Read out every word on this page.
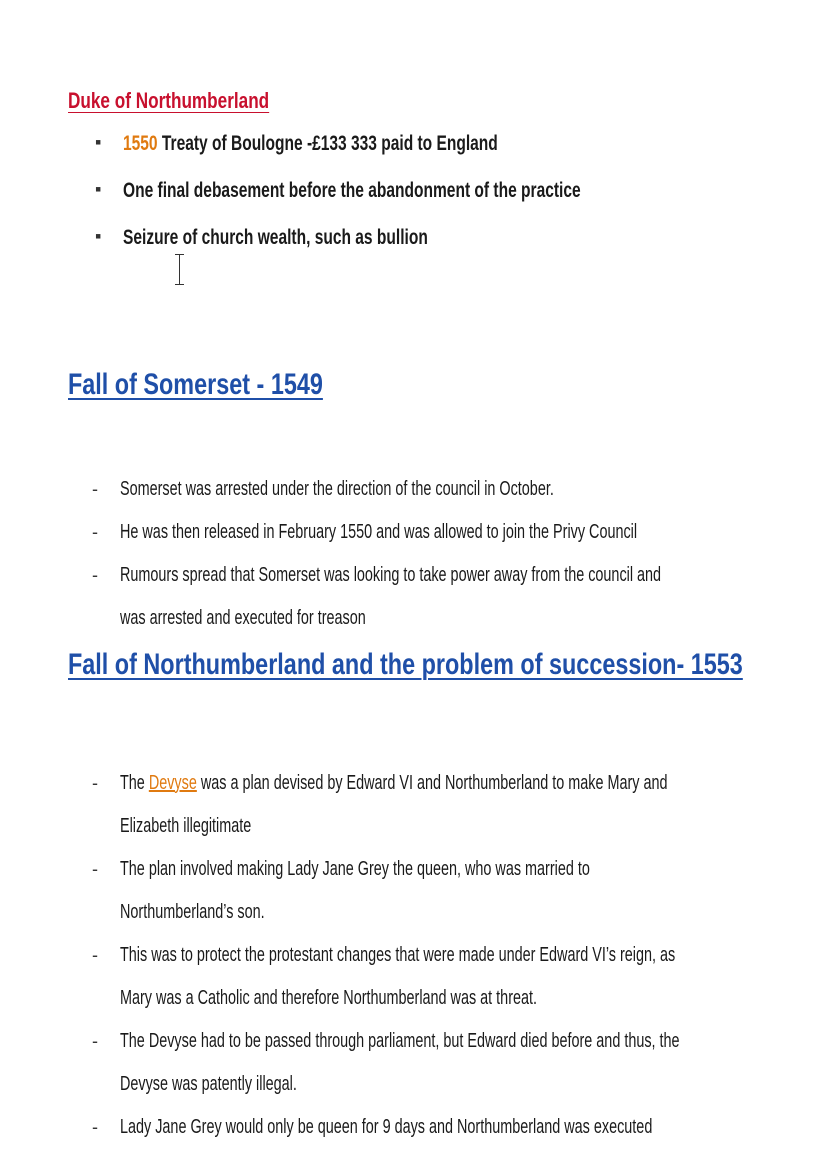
Duke of Northumberland
▪ 1550 Treaty of Boulogne -£133 333 paid to England
▪ One final debasement before the abandonment of the practice
▪ Seizure of church wealth, such as bullion
Fall of Somerset - 1549
- Somerset was arrested under the direction of the council in October.
- He was then released in February 1550 and was allowed to join the Privy Council
- Rumours spread that Somerset was looking to take power away from the council and
was arrested and executed for treason
Fall of Northumberland and the problem of succession- 1553
- The Devyse was a plan devised by Edward VI and Northumberland to make Mary and
Elizabeth illegitimate
- The plan involved making Lady Jane Grey the queen, who was married to
Northumberland’s son.
- This was to protect the protestant changes that were made under Edward VI’s reign, as
Mary was a Catholic and therefore Northumberland was at threat.
- The Devyse had to be passed through parliament, but Edward died before and thus, the
Devyse was patently illegal.
- Lady Jane Grey would only be queen for 9 days and Northumberland was executed
